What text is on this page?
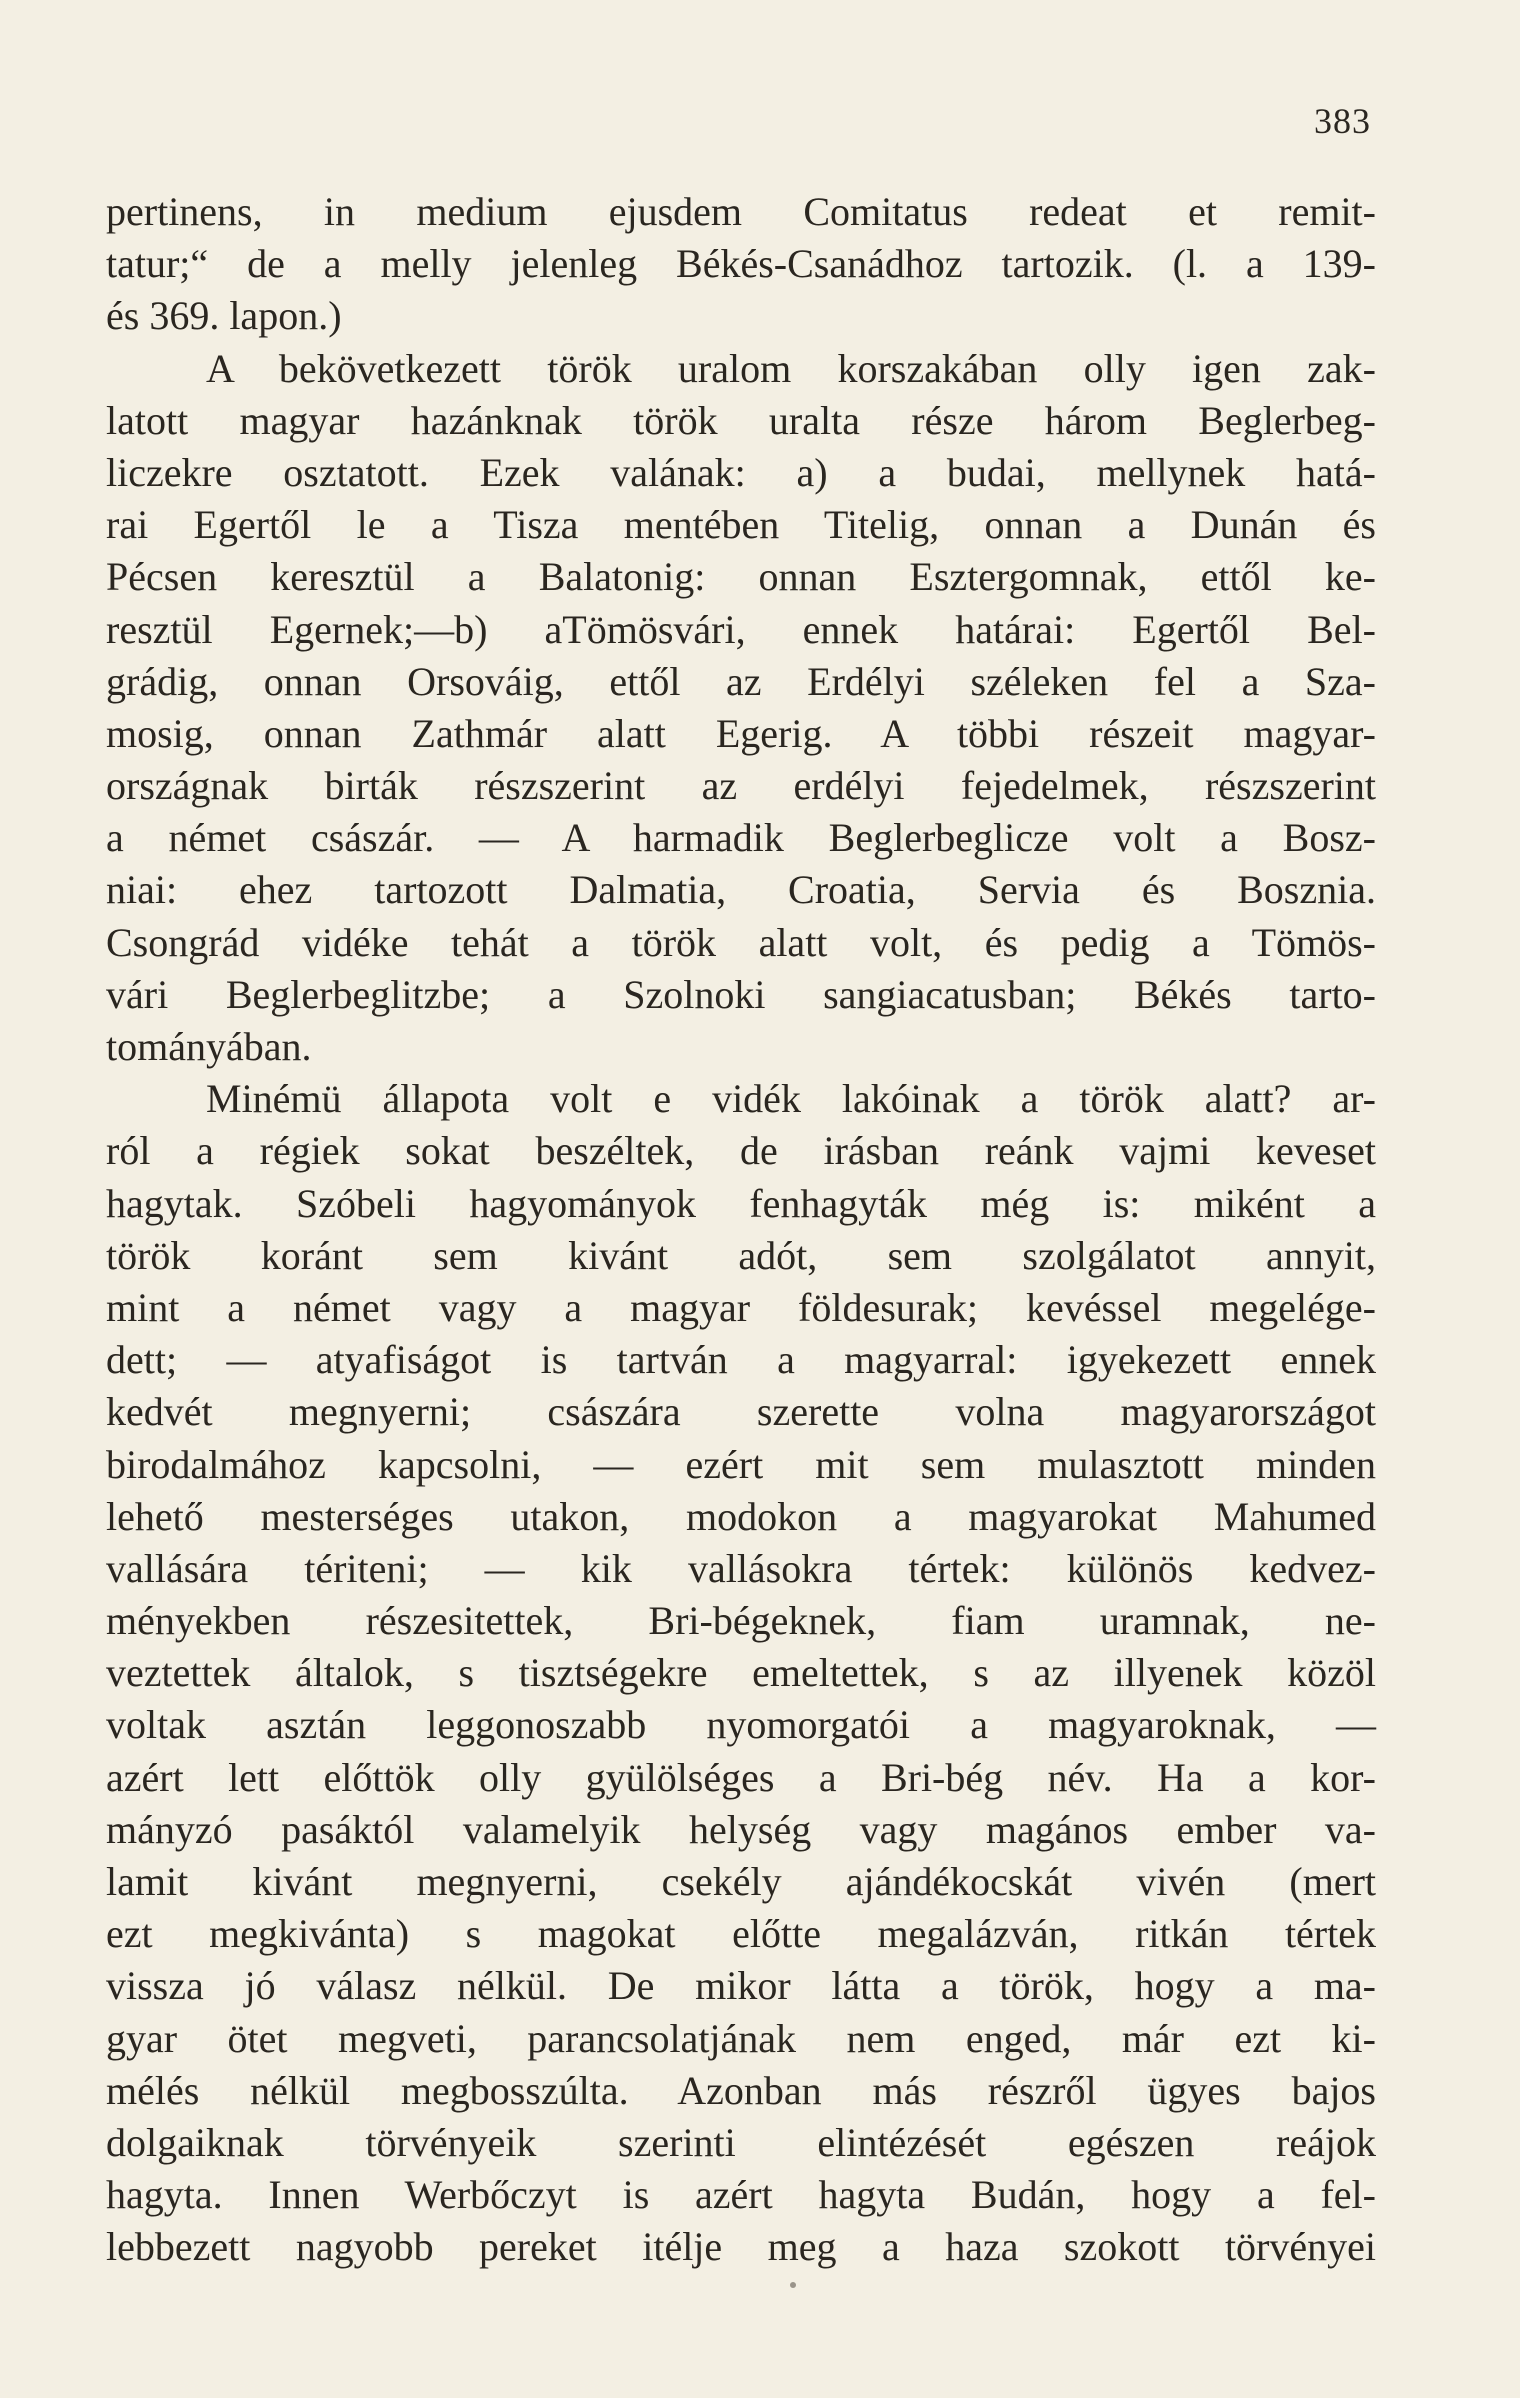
383
pertinens, in medium ejusdem Comitatus redeat et remit-
tatur;“ de a melly jelenleg Békés-Csanádhoz tartozik. (l. a 139-
és 369. lapon.)
A bekövetkezett török uralom korszakában olly igen zak-
latott magyar hazánknak török uralta része három Beglerbeg-
liczekre osztatott. Ezek valának: a) a budai, mellynek hatá-
rai Egertől le a Tisza mentében Titelig, onnan a Dunán és
Pécsen keresztül a Balatonig: onnan Esztergomnak, ettől ke-
resztül Egernek;—b) aTömösvári, ennek határai: Egertől Bel-
grádig, onnan Orsováig, ettől az Erdélyi széleken fel a Sza-
mosig, onnan Zathmár alatt Egerig. A többi részeit magyar-
országnak birták részszerint az erdélyi fejedelmek, részszerint
a német császár. — A harmadik Beglerbeglicze volt a Bosz-
niai: ehez tartozott Dalmatia, Croatia, Servia és Bosznia.
Csongrád vidéke tehát a török alatt volt, és pedig a Tömös-
vári Beglerbeglitzbe; a Szolnoki sangiacatusban; Békés tarto-
tományában.
Minémü állapota volt e vidék lakóinak a török alatt? ar-
ról a régiek sokat beszéltek, de irásban reánk vajmi keveset
hagytak. Szóbeli hagyományok fenhagyták még is: miként a
török koránt sem kivánt adót, sem szolgálatot annyit,
mint a német vagy a magyar földesurak; kevéssel megelége-
dett; — atyafiságot is tartván a magyarral: igyekezett ennek
kedvét megnyerni; császára szerette volna magyarországot
birodalmához kapcsolni, — ezért mit sem mulasztott minden
lehető mesterséges utakon, modokon a magyarokat Mahumed
vallására tériteni; — kik vallásokra tértek: különös kedvez-
ményekben részesitettek, Bri-bégeknek, fiam uramnak, ne-
veztettek általok, s tisztségekre emeltettek, s az illyenek közöl
voltak asztán leggonoszabb nyomorgatói a magyaroknak, —
azért lett előttök olly gyülölséges a Bri-bég név. Ha a kor-
mányzó pasáktól valamelyik helység vagy magános ember va-
lamit kivánt megnyerni, csekély ajándékocskát vivén (mert
ezt megkivánta) s magokat előtte megalázván, ritkán tértek
vissza jó válasz nélkül. De mikor látta a török, hogy a ma-
gyar ötet megveti, parancsolatjának nem enged, már ezt ki-
mélés nélkül megbosszúlta. Azonban más részről ügyes bajos
dolgaiknak törvényeik szerinti elintézését egészen reájok
hagyta. Innen Werbőczyt is azért hagyta Budán, hogy a fel-
lebbezett nagyobb pereket itélje meg a haza szokott törvényei
